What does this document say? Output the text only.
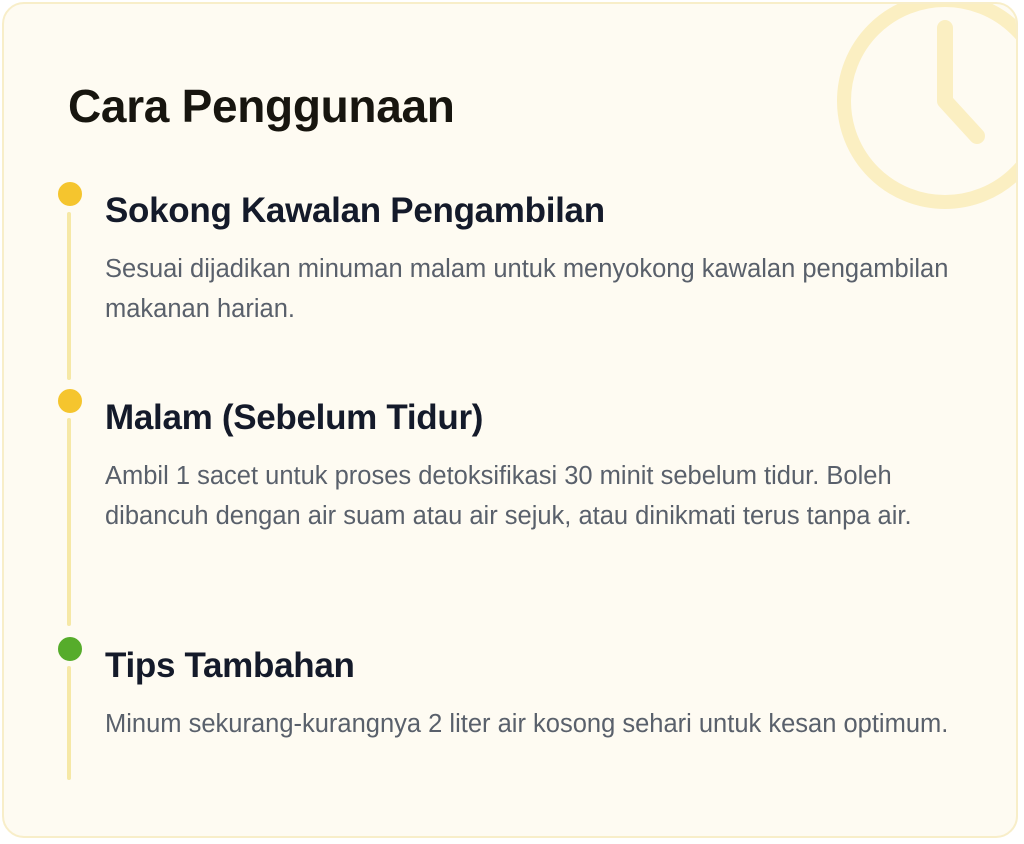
Cara Penggunaan
Sokong Kawalan Pengambilan

Sesuai dijadikan minuman malam untuk menyokong kawalan pengambilan makanan harian.

Malam (Sebelum Tidur)

Ambil 1 sacet untuk proses detoksifikasi 30 minit sebelum tidur. Boleh dibancuh dengan air suam atau air sejuk, atau dinikmati terus tanpa air.

Tips Tambahan

Minum sekurang-kurangnya 2 liter air kosong sehari untuk kesan optimum.
